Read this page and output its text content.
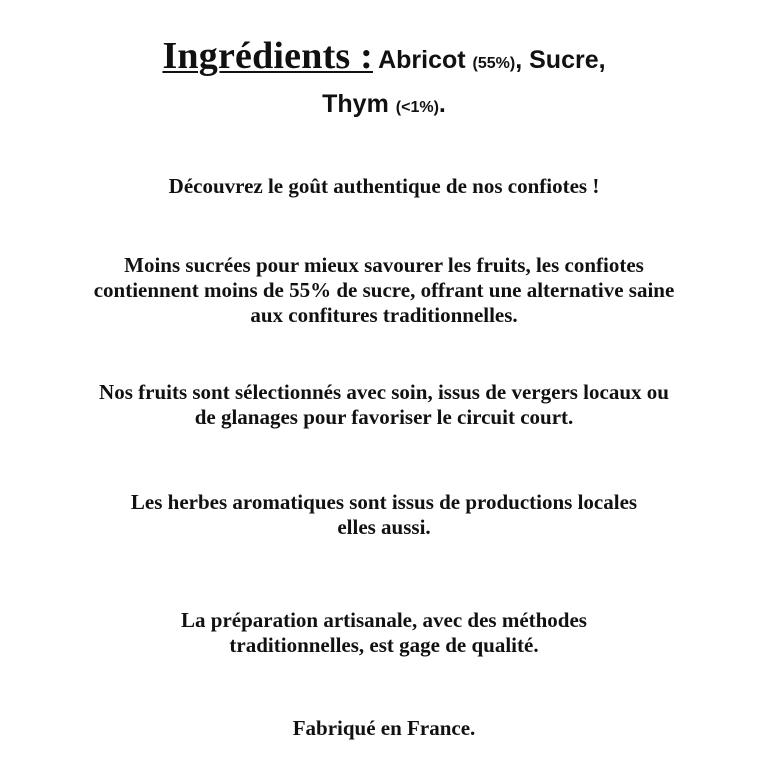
Ingrédients : Abricot (55%), Sucre,
Thym (<1%).
Découvrez le goût authentique de nos confiotes !
Moins sucrées pour mieux savourer les fruits, les confiotes
contiennent moins de 55% de sucre, offrant une alternative saine
aux confitures traditionnelles.
Nos fruits sont sélectionnés avec soin, issus de vergers locaux ou
de glanages pour favoriser le circuit court.
Les herbes aromatiques sont issus de productions locales
elles aussi.
La préparation artisanale, avec des méthodes
traditionnelles, est gage de qualité.
Fabriqué en France.
